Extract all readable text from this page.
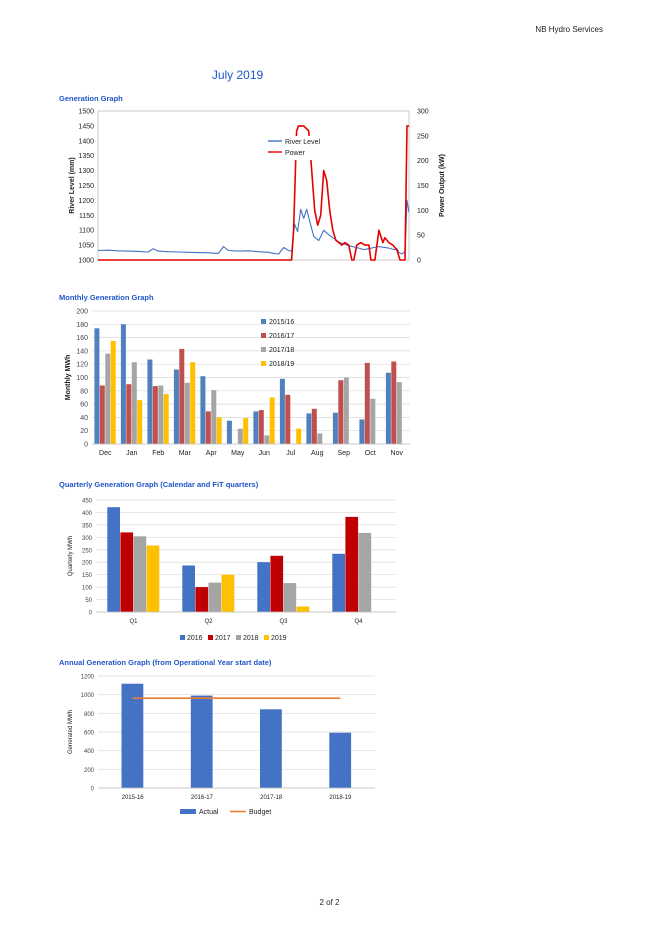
NB Hydro Services
July 2019
Generation Graph
1000
1050
1100
1150
1200
1250
1300
1350
1400
1450
1500
0
50
100
150
200
250
300
River Level (mm)	Power Output (kW)
River Level
Power
Monthly Generation Graph
0
20
40
60
80
100
120
140
160
180
200
Monthly MWh
Dec Jan Feb Mar Apr May Jun Jul Aug Sep Oct Nov
2015/16
2016/17
2017/18
2018/19
Quarterly Generation Graph (Calendar and FiT quarters)
0
50
100
150
200
250
300
350
400
450
Quarterly MWh
Q1	Q2	Q3	Q4
2016 2017 2018 2019
Annual Generation Graph (from Operational Year start date)
0
200
400
600
800
1000
1200
Generated MWh
2015-16	2016-17	2017-18	2018-19
Actual	Budget
2 of 2
